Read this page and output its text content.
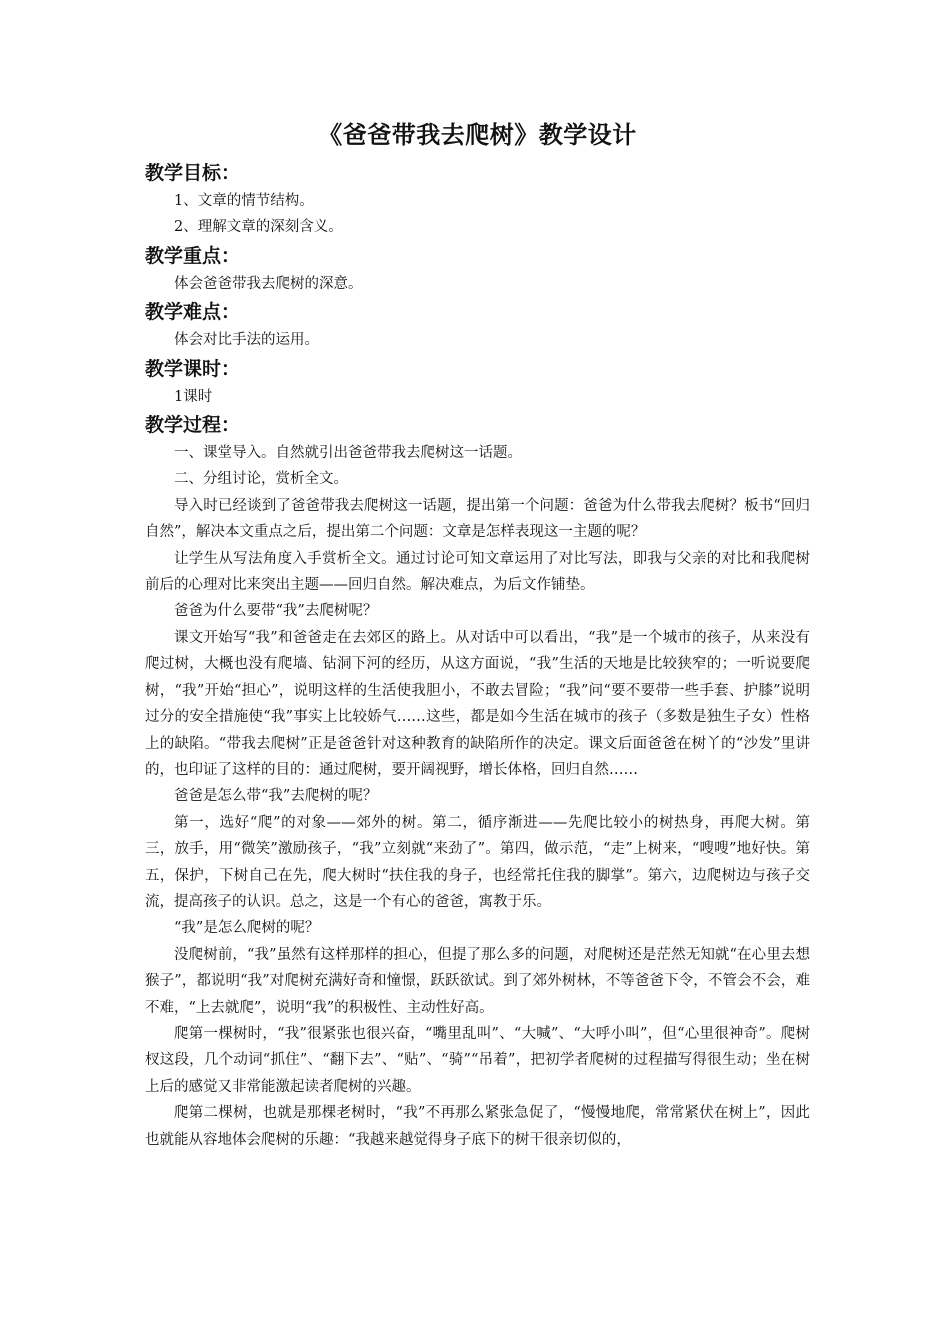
《爸爸带我去爬树》教学设计
教学目标：

1、文章的情节结构。

2、理解文章的深刻含义。

教学重点：

体会爸爸带我去爬树的深意。

教学难点：

体会对比手法的运用。

教学课时：

1课时

教学过程：

一、课堂导入。自然就引出爸爸带我去爬树这一话题。

二、分组讨论，赏析全文。

导入时已经谈到了爸爸带我去爬树这一话题，提出第一个问题：爸爸为什么带我去爬树？板书“回归自然”，解决本文重点之后，提出第二个问题：文章是怎样表现这一主题的呢？

让学生从写法角度入手赏析全文。通过讨论可知文章运用了对比写法，即我与父亲的对比和我爬树前后的心理对比来突出主题——回归自然。解决难点，为后文作铺垫。

爸爸为什么要带“我”去爬树呢？

课文开始写“我”和爸爸走在去郊区的路上。从对话中可以看出，“我”是一个城市的孩子，从来没有爬过树，大概也没有爬墙、钻洞下河的经历，从这方面说，“我”生活的天地是比较狭窄的；一听说要爬树，“我”开始“担心”，说明这样的生活使我胆小，不敢去冒险；“我”问“要不要带一些手套、护膝”说明过分的安全措施使“我”事实上比较娇气……这些，都是如今生活在城市的孩子（多数是独生子女）性格上的缺陷。“带我去爬树”正是爸爸针对这种教育的缺陷所作的决定。课文后面爸爸在树丫的“沙发”里讲的，也印证了这样的目的：通过爬树，要开阔视野，增长体格，回归自然……

爸爸是怎么带“我”去爬树的呢？

第一，选好“爬”的对象——郊外的树。第二，循序渐进——先爬比较小的树热身，再爬大树。第三，放手，用“微笑”激励孩子，“我”立刻就“来劲了”。第四，做示范，“走”上树来，“嗖嗖”地好快。第五，保护，下树自己在先，爬大树时“扶住我的身子，也经常托住我的脚掌”。第六，边爬树边与孩子交流，提高孩子的认识。总之，这是一个有心的爸爸，寓教于乐。

“我”是怎么爬树的呢？

没爬树前，“我”虽然有这样那样的担心，但提了那么多的问题，对爬树还是茫然无知就“在心里去想猴子”，都说明“我”对爬树充满好奇和憧憬，跃跃欲试。到了郊外树林，不等爸爸下令，不管会不会，难不难，“上去就爬”，说明“我”的积极性、主动性好高。

爬第一棵树时，“我”很紧张也很兴奋，“嘴里乱叫”、“大喊”、“大呼小叫”，但“心里很神奇”。爬树杈这段，几个动词“抓住”、“翻下去”、“贴”、“骑”“吊着”，把初学者爬树的过程描写得很生动；坐在树上后的感觉又非常能激起读者爬树的兴趣。

爬第二棵树，也就是那棵老树时，“我”不再那么紧张急促了，“慢慢地爬，常常紧伏在树上”，因此也就能从容地体会爬树的乐趣：“我越来越觉得身子底下的树干很亲切似的，
